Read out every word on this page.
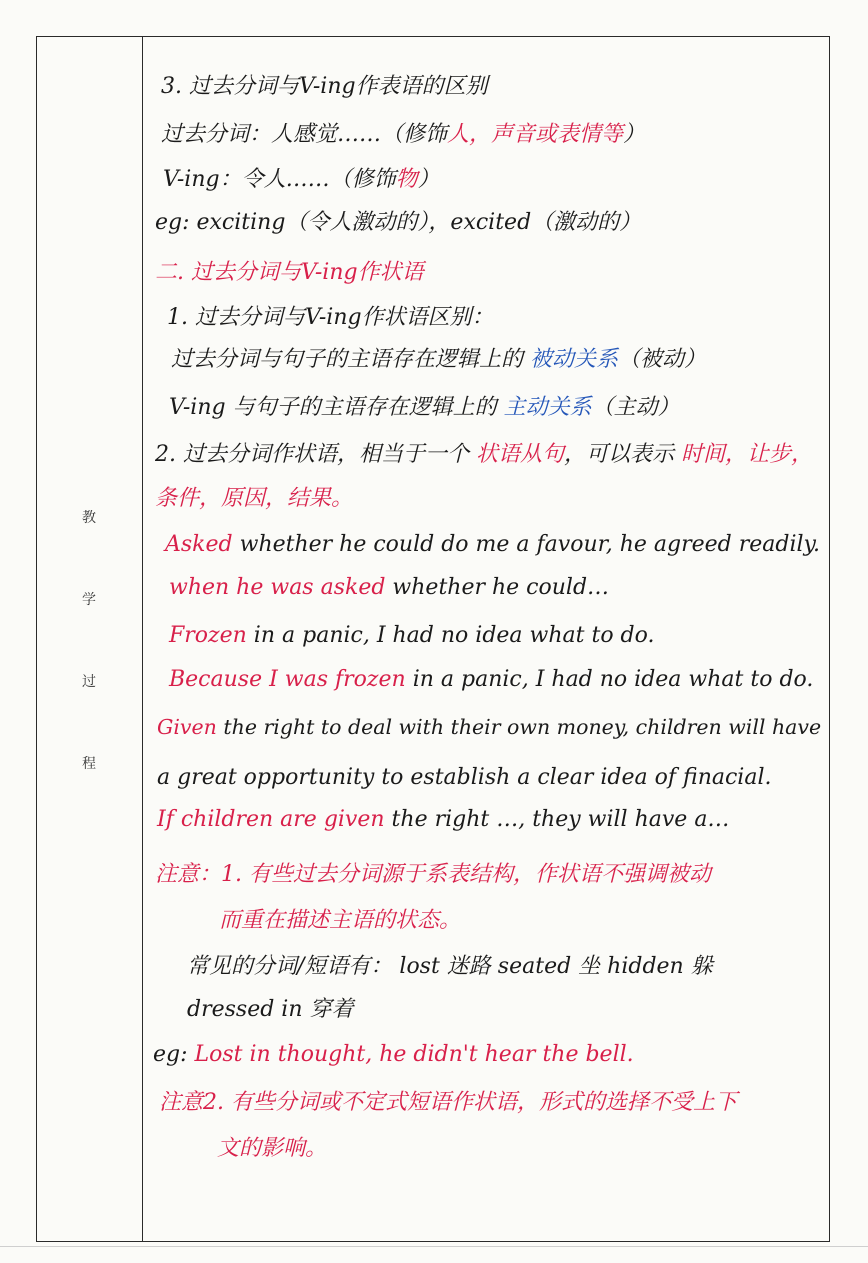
教
学
过
程
3. 过去分词与V-ing作表语的区别
过去分词：人感觉……（修饰人，声音或表情等）
V-ing：令人……（修饰物）
eg: exciting（令人激动的），excited（激动的）
二. 过去分词与V-ing作状语
1. 过去分词与V-ing作状语区别：
过去分词与句子的主语存在逻辑上的 被动关系（被动）
V-ing 与句子的主语存在逻辑上的 主动关系（主动）
2. 过去分词作状语，相当于一个 状语从句，可以表示 时间，让步，
条件，原因，结果。
Asked whether he could do me a favour, he agreed readily.
when he was asked whether he could…
Frozen in a panic, I had no idea what to do.
Because I was frozen in a panic, I had no idea what to do.
Given the right to deal with their own money, children will have
a great opportunity to establish a clear idea of finacial.
If children are given the right …, they will have a…
注意：1. 有些过去分词源于系表结构，作状语不强调被动
而重在描述主语的状态。
常见的分词/短语有： lost 迷路 seated 坐 hidden 躲
dressed in 穿着
eg: Lost in thought, he didn't hear the bell.
注意2. 有些分词或不定式短语作状语，形式的选择不受上下
文的影响。
